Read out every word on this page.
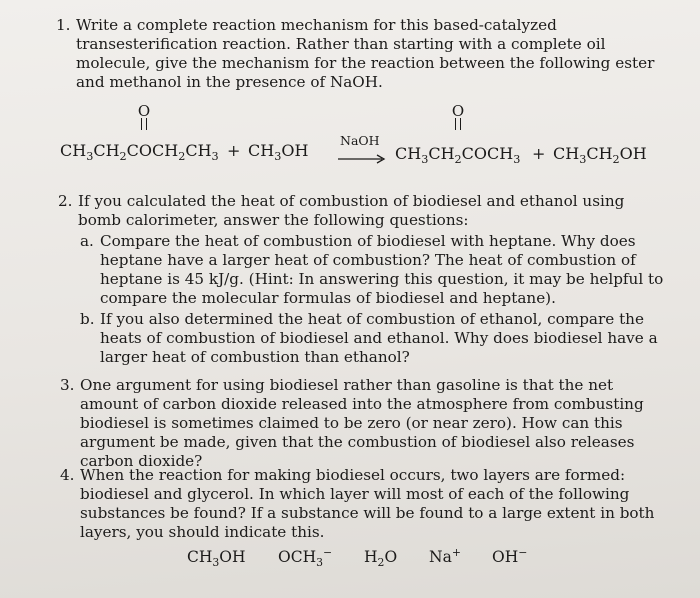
1. Write a complete reaction mechanism for this based-catalyzed transesterification reaction. Rather than starting with a complete oil molecule, give the mechanism for the reaction between the following ester and methanol in the presence of NaOH.
O	O
$CH_3CH_2COCH_2CH_3 + CH_3OH$
NaOH
→ $CH_3CH_2COCH_3 + CH_3CH_2OH$
2. If you calculated the heat of combustion of biodiesel and ethanol using bomb calorimeter, answer the following questions:
a. Compare the heat of combustion of biodiesel with heptane. Why does heptane have a larger heat of combustion? The heat of combustion of heptane is 45 kJ/g. (Hint: In answering this question, it may be helpful to compare the molecular formulas of biodiesel and heptane).
b. If you also determined the heat of combustion of ethanol, compare the heats of combustion of biodiesel and ethanol. Why does biodiesel have a larger heat of combustion than ethanol?
3. One argument for using biodiesel rather than gasoline is that the net amount of carbon dioxide released into the atmosphere from combusting biodiesel is sometimes claimed to be zero (or near zero). How can this argument be made, given that the combustion of biodiesel also releases carbon dioxide?
4. When the reaction for making biodiesel occurs, two layers are formed: biodiesel and glycerol. In which layer will most of each of the following substances be found? If a substance will be found to a large extent in both layers, you should indicate this.
$CH_3OH$ $OCH_3^-$ $H_2O$ Na+ OH−
